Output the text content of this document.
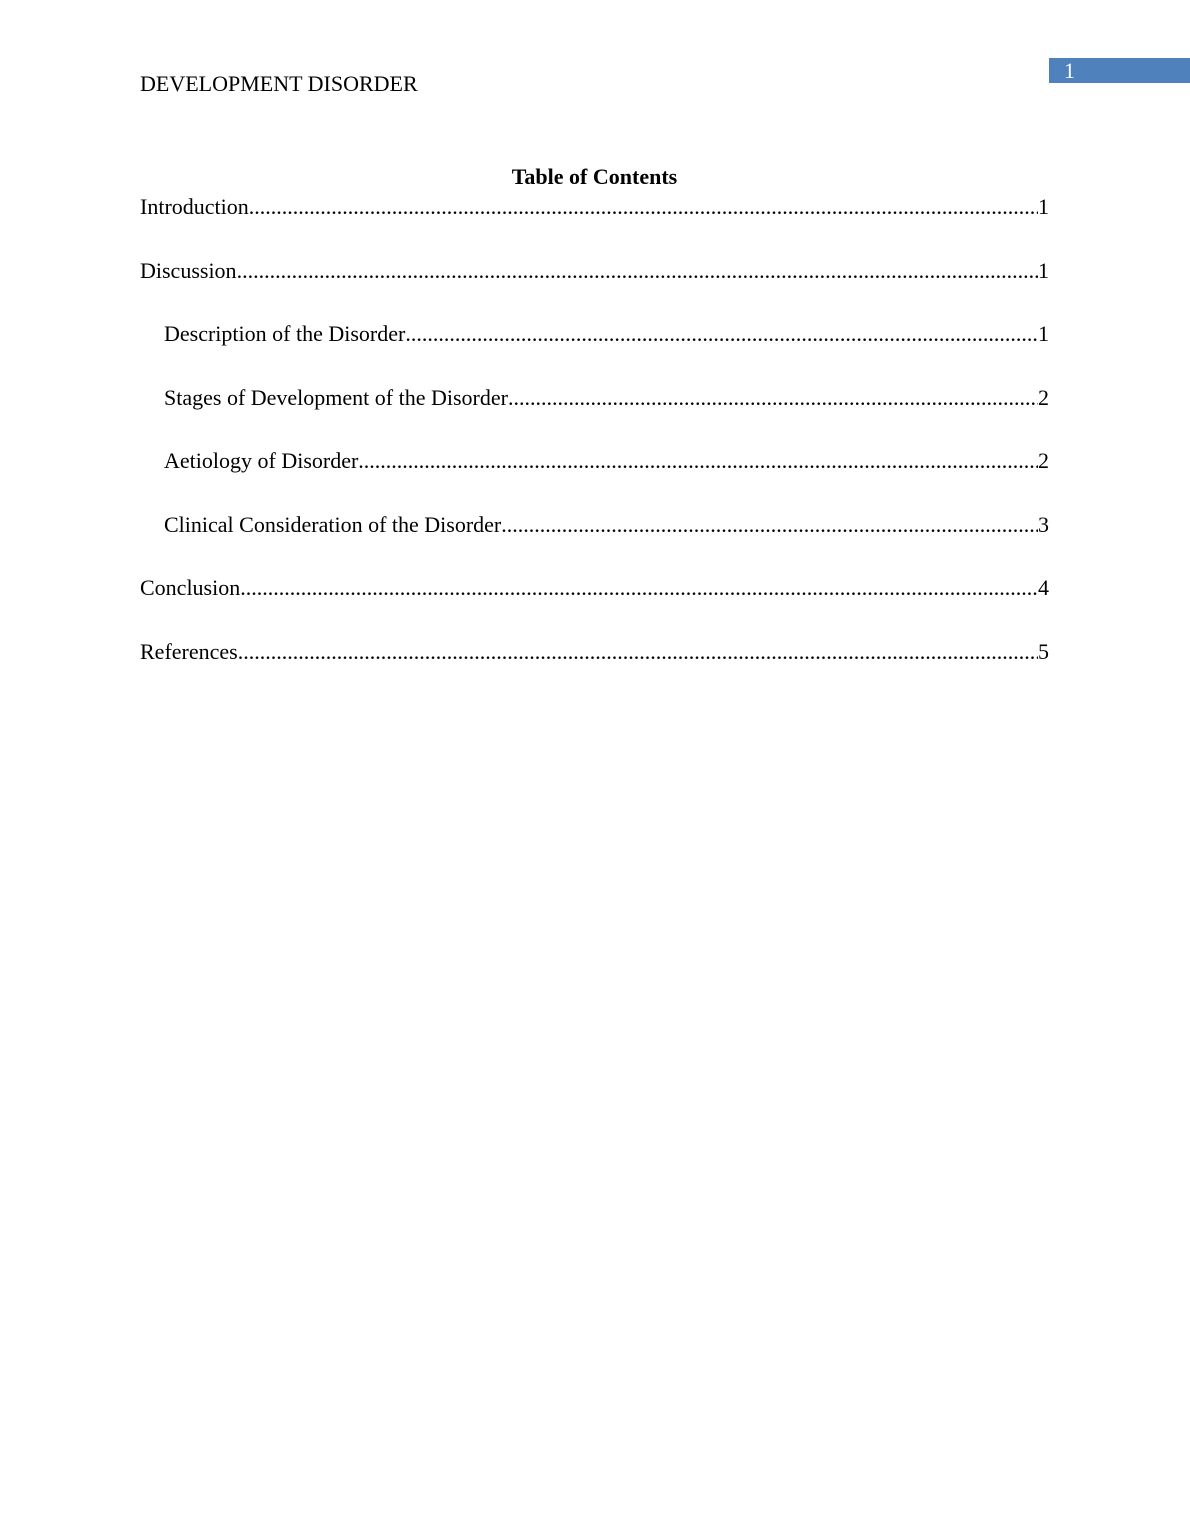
1
DEVELOPMENT DISORDER
Table of Contents
Introduction .....	1
Discussion .....	1
Description of the Disorder .....	1
Stages of Development of the Disorder .....	2
Aetiology of Disorder .....	2
Clinical Consideration of the Disorder .....	3
Conclusion .....	4
References .....	5
